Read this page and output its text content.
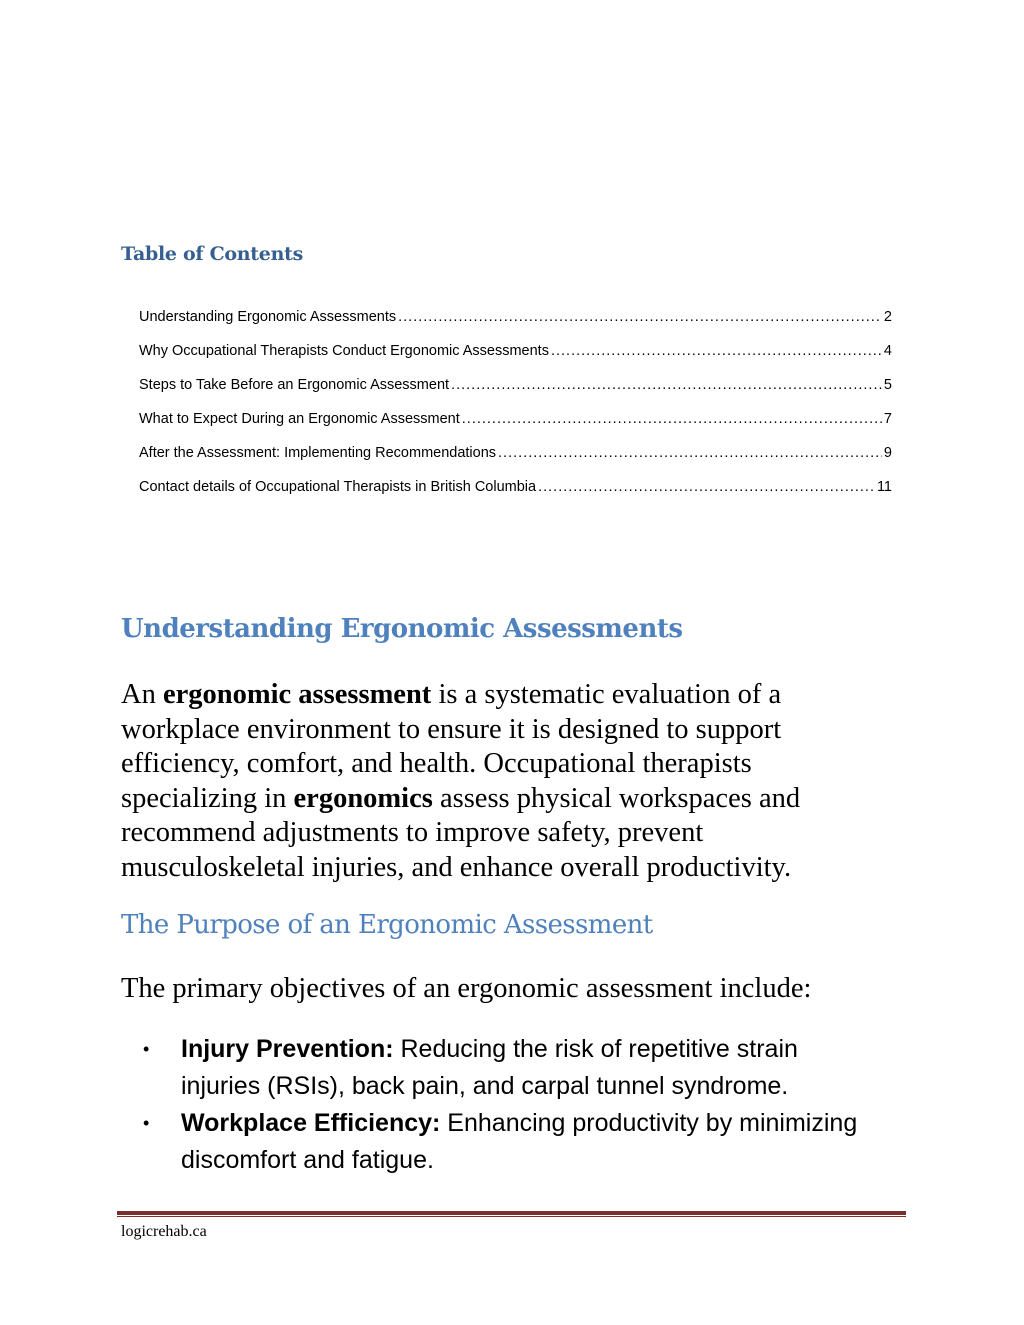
Table of Contents
Understanding Ergonomic Assessments .....	2
Why Occupational Therapists Conduct Ergonomic Assessments .....	4
Steps to Take Before an Ergonomic Assessment .....	5
What to Expect During an Ergonomic Assessment .....	7
After the Assessment: Implementing Recommendations .....	9
Contact details of Occupational Therapists in British Columbia .....	11
Understanding Ergonomic Assessments

An ergonomic assessment is a systematic evaluation of a workplace environment to ensure it is designed to support efficiency, comfort, and health. Occupational therapists specializing in ergonomics assess physical workspaces and recommend adjustments to improve safety, prevent musculoskeletal injuries, and enhance overall productivity.

The Purpose of an Ergonomic Assessment

The primary objectives of an ergonomic assessment include:

• Injury Prevention: Reducing the risk of repetitive strain injuries (RSIs), back pain, and carpal tunnel syndrome.
• Workplace Efficiency: Enhancing productivity by minimizing discomfort and fatigue.
logicrehab.ca
